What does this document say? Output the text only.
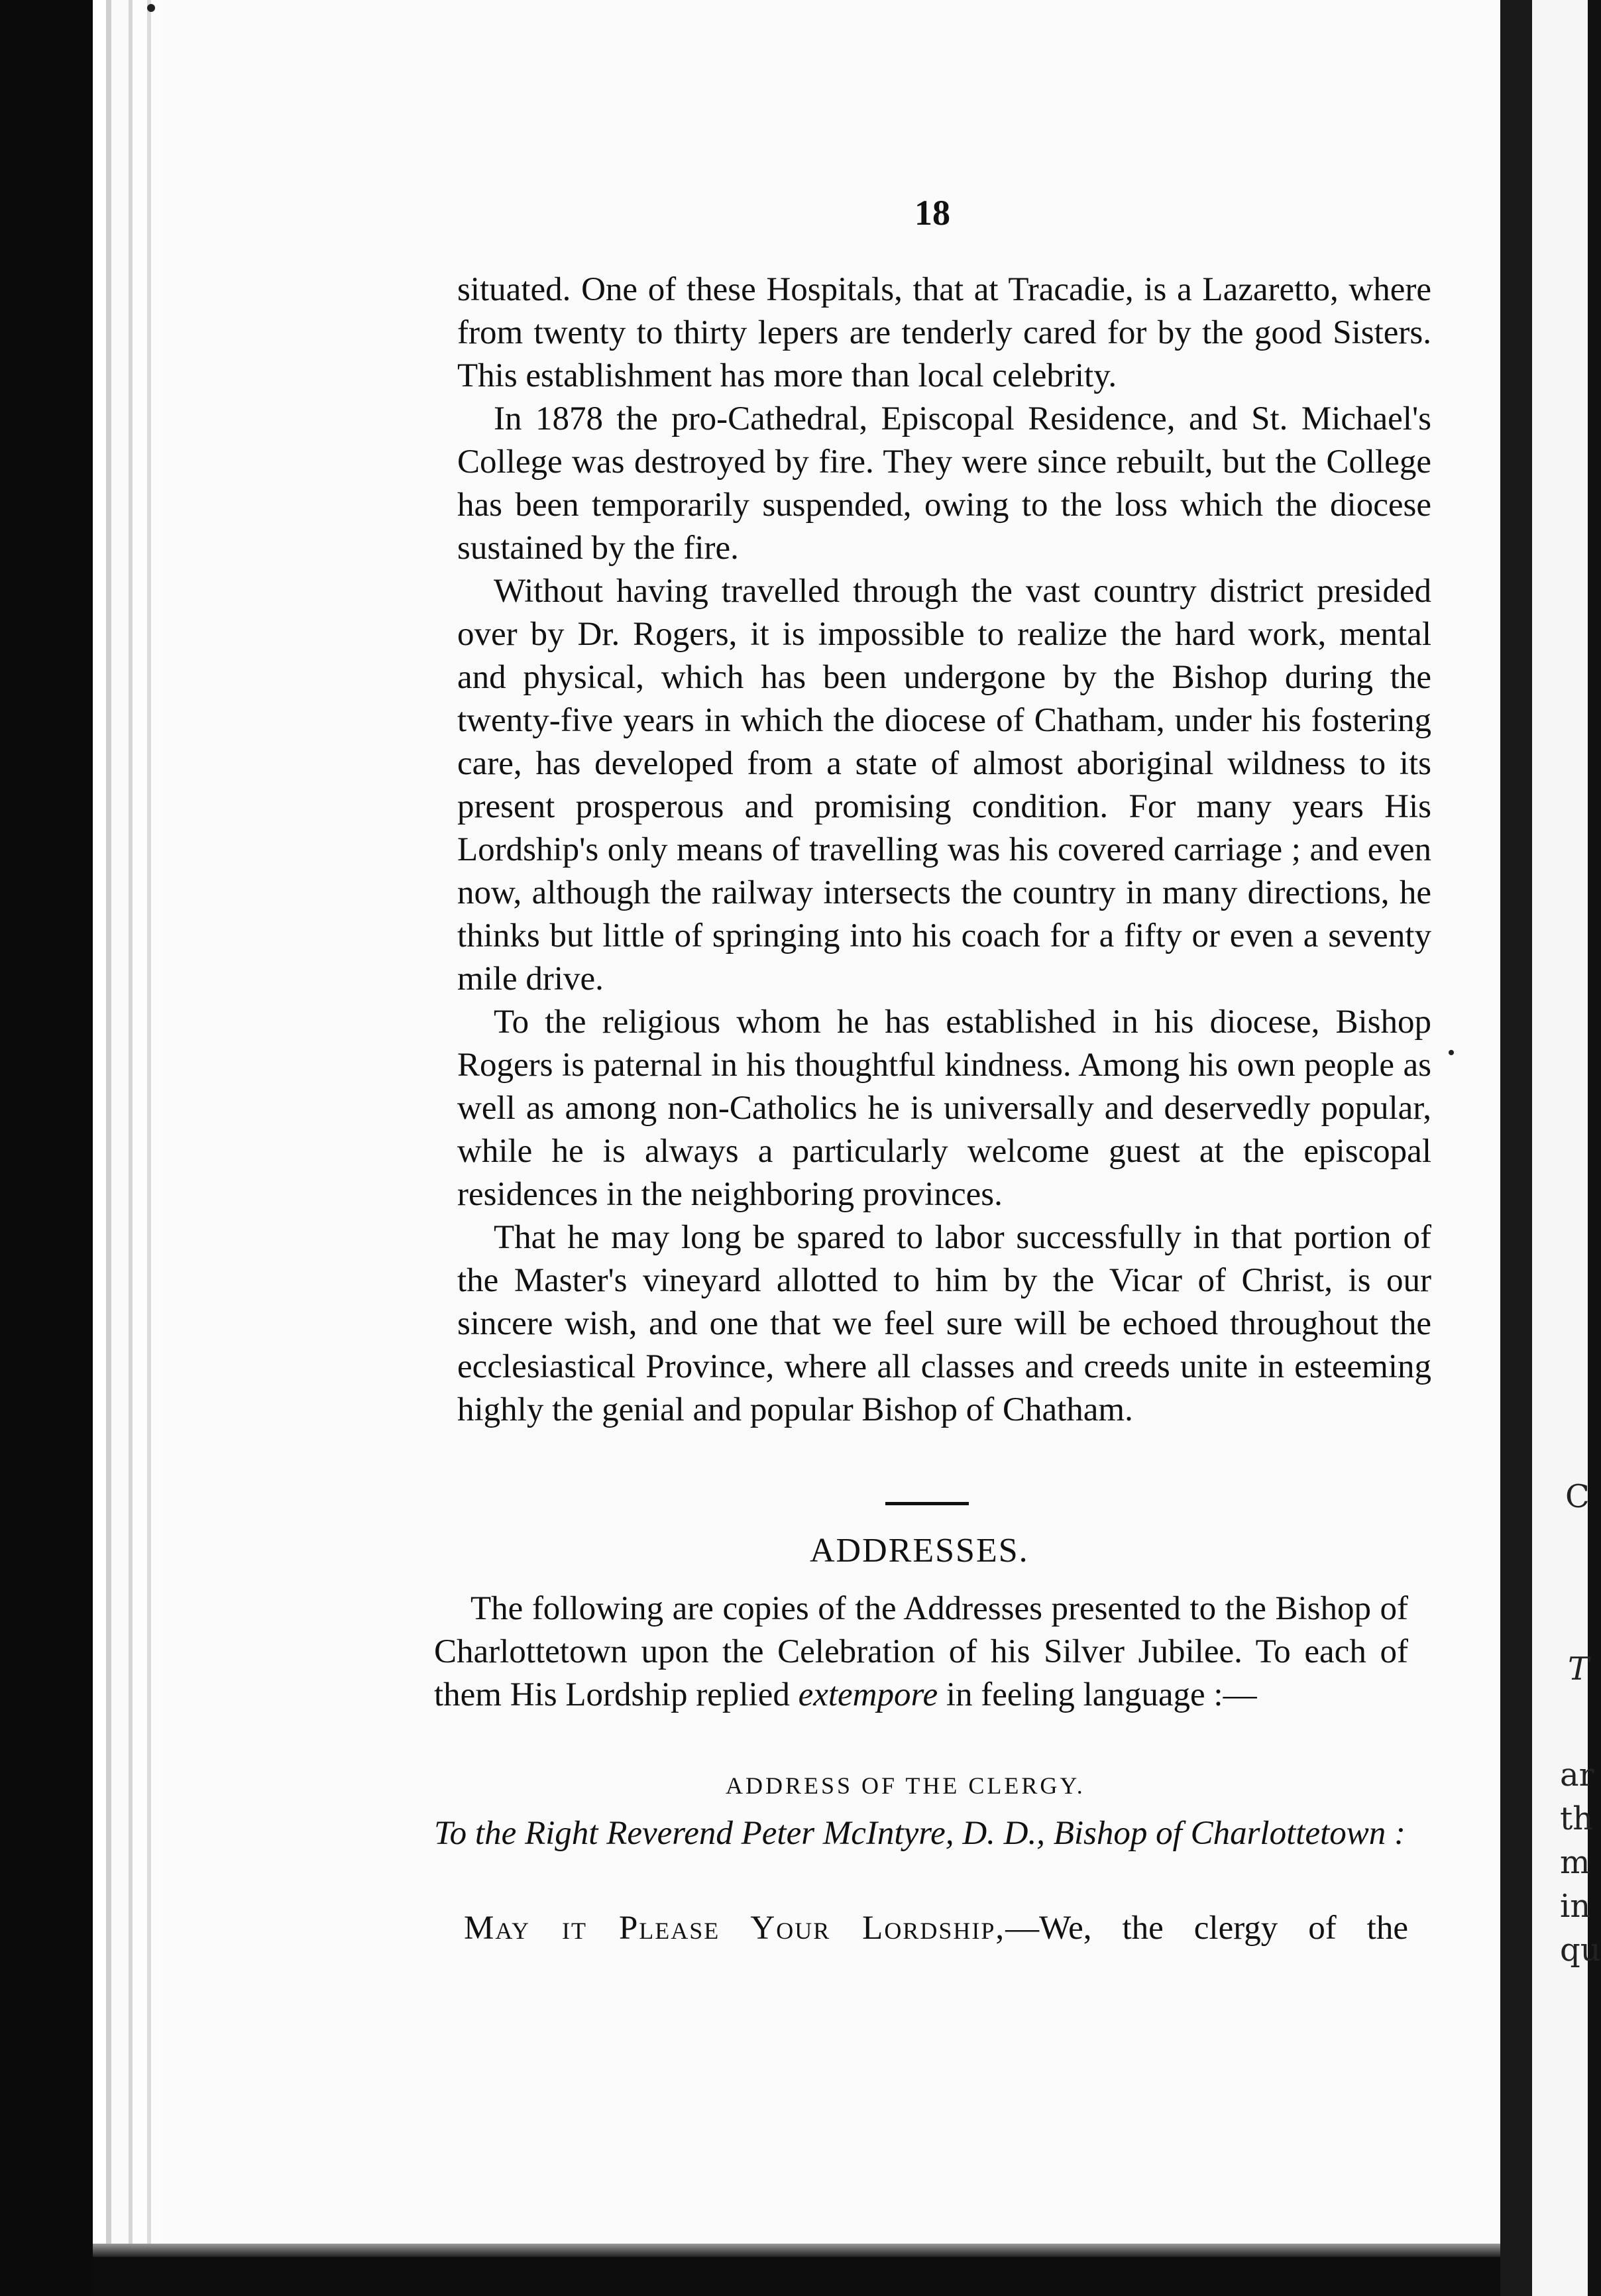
C
T
ar
th
m
in
qu
18

situated. One of these Hospitals, that at Tracadie, is a Lazaretto, where from twenty to thirty lepers are tenderly cared for by the good Sisters. This establishment has more than local celebrity.

In 1878 the pro-Cathedral, Episcopal Residence, and St. Michael's College was destroyed by fire. They were since rebuilt, but the College has been temporarily suspended, owing to the loss which the diocese sustained by the fire.

Without having travelled through the vast country district presided over by Dr. Rogers, it is impossible to realize the hard work, mental and physical, which has been undergone by the Bishop during the twenty-five years in which the diocese of Chatham, under his fostering care, has developed from a state of almost aboriginal wildness to its present prosperous and promising condition. For many years His Lordship's only means of travelling was his covered carriage ; and even now, although the railway intersects the country in many directions, he thinks but little of springing into his coach for a fifty or even a seventy mile drive.

To the religious whom he has established in his diocese, Bishop Rogers is paternal in his thoughtful kindness. Among his own people as well as among non-Catholics he is universally and deservedly popular, while he is always a particularly welcome guest at the episcopal residences in the neighboring provinces.

That he may long be spared to labor successfully in that portion of the Master's vineyard allotted to him by the Vicar of Christ, is our sincere wish, and one that we feel sure will be echoed throughout the ecclesiastical Province, where all classes and creeds unite in esteeming highly the genial and popular Bishop of Chatham.

ADDRESSES.

The following are copies of the Addresses presented to the Bishop of Charlottetown upon the Celebration of his Silver Jubilee. To each of them His Lordship replied extempore in feeling language :—

ADDRESS OF THE CLERGY.
To the Right Reverend Peter McIntyre, D. D., Bishop of Charlottetown :
May it Please Your Lordship,—We, the clergy of the
